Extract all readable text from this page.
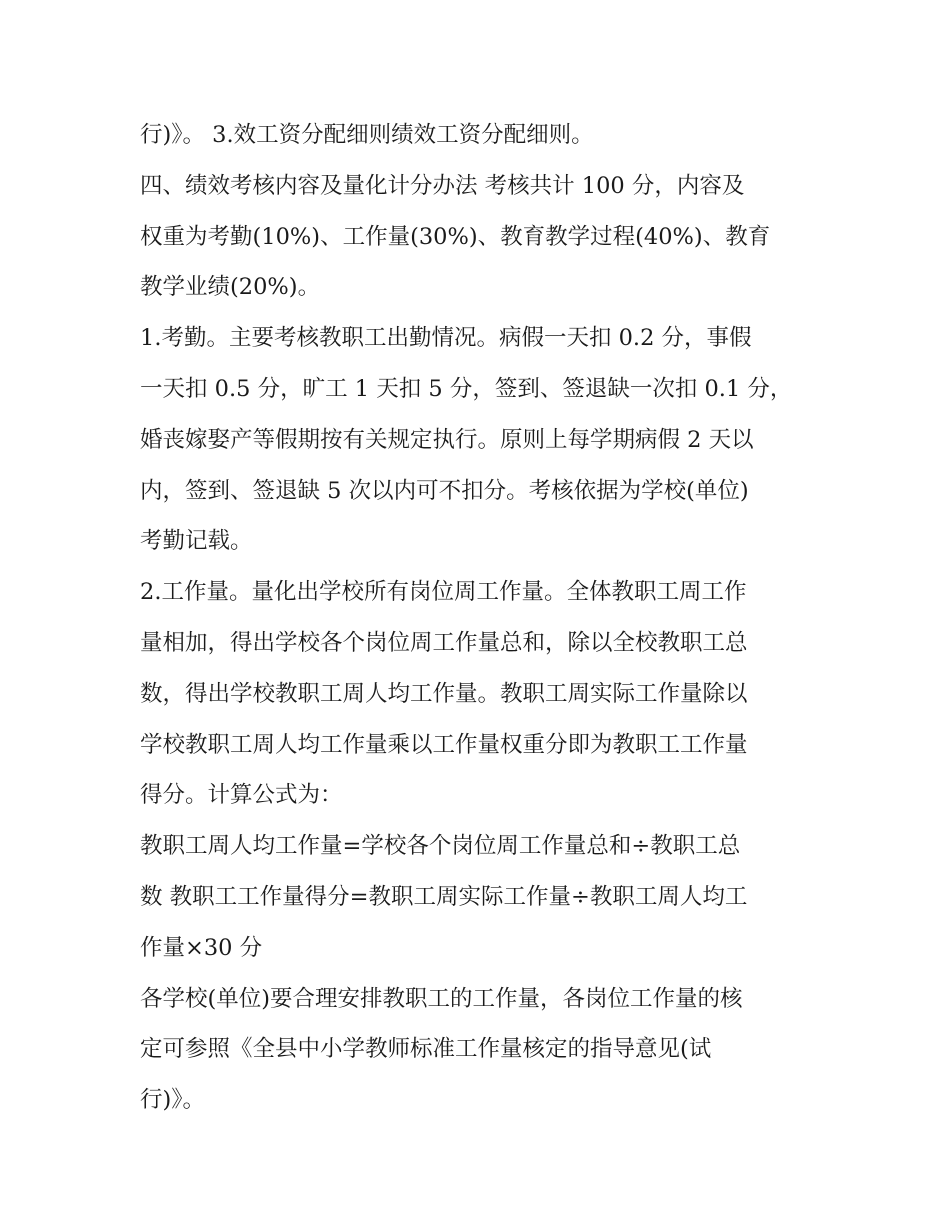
行)》。 3.效工资分配细则绩效工资分配细则。
四、绩效考核内容及量化计分办法 考核共计 100 分，内容及
权重为考勤(10%)、工作量(30%)、教育教学过程(40%)、教育
教学业绩(20%)。
1.考勤。主要考核教职工出勤情况。病假一天扣 0.2 分，事假
一天扣 0.5 分，旷工 1 天扣 5 分，签到、签退缺一次扣 0.1 分，
婚丧嫁娶产等假期按有关规定执行。原则上每学期病假 2 天以
内，签到、签退缺 5 次以内可不扣分。考核依据为学校(单位)
考勤记载。
2.工作量。量化出学校所有岗位周工作量。全体教职工周工作
量相加，得出学校各个岗位周工作量总和，除以全校教职工总
数，得出学校教职工周人均工作量。教职工周实际工作量除以
学校教职工周人均工作量乘以工作量权重分即为教职工工作量
得分。计算公式为：
教职工周人均工作量=学校各个岗位周工作量总和÷教职工总
数 教职工工作量得分=教职工周实际工作量÷教职工周人均工
作量×30 分
各学校(单位)要合理安排教职工的工作量，各岗位工作量的核
定可参照《全县中小学教师标准工作量核定的指导意见(试
行)》。
